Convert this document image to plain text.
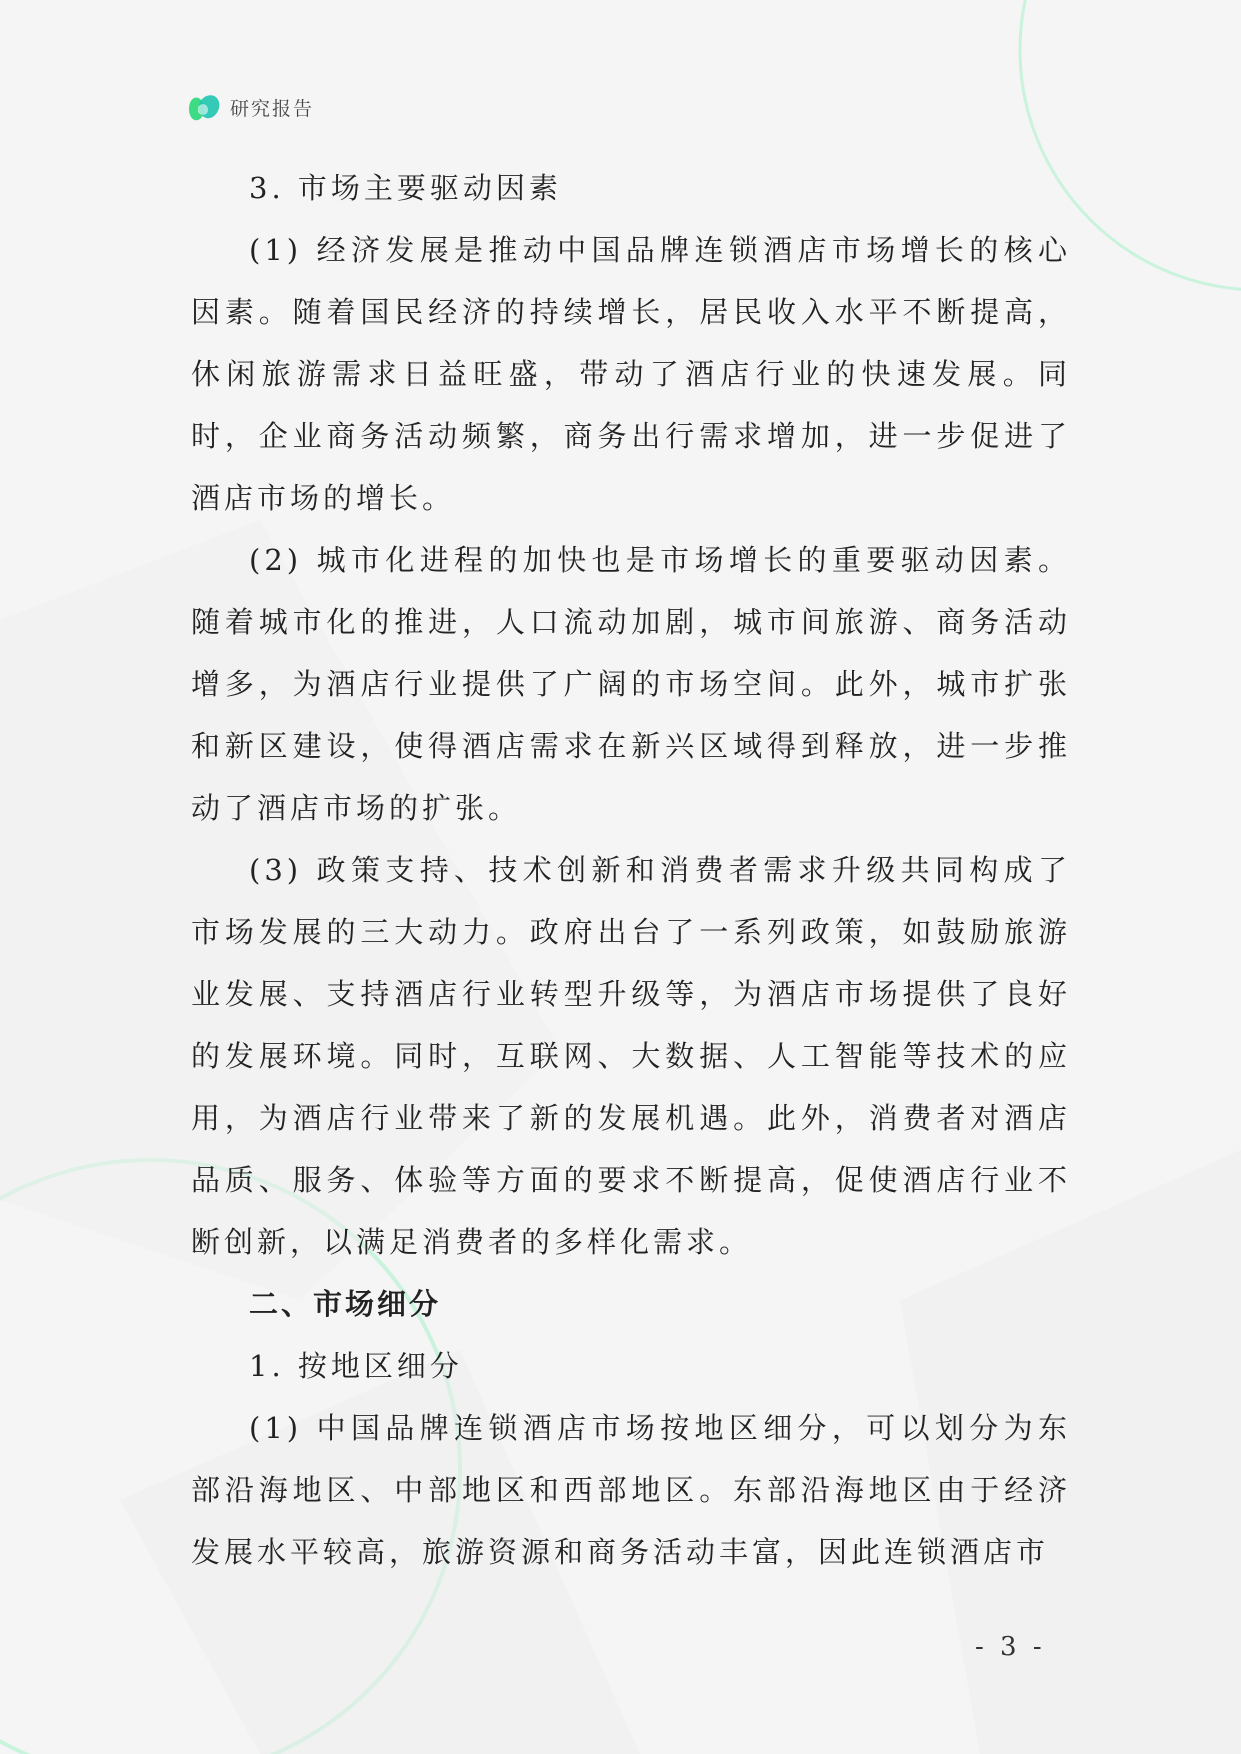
研究报告

3. 市场主要驱动因素

(1) 经济发展是推动中国品牌连锁酒店市场增长的核心因素。随着国民经济的持续增长，居民收入水平不断提高，休闲旅游需求日益旺盛，带动了酒店行业的快速发展。同时，企业商务活动频繁，商务出行需求增加，进一步促进了酒店市场的增长。

(2) 城市化进程的加快也是市场增长的重要驱动因素。随着城市化的推进，人口流动加剧，城市间旅游、商务活动增多，为酒店行业提供了广阔的市场空间。此外，城市扩张和新区建设，使得酒店需求在新兴区域得到释放，进一步推动了酒店市场的扩张。

(3) 政策支持、技术创新和消费者需求升级共同构成了市场发展的三大动力。政府出台了一系列政策，如鼓励旅游业发展、支持酒店行业转型升级等，为酒店市场提供了良好的发展环境。同时，互联网、大数据、人工智能等技术的应用，为酒店行业带来了新的发展机遇。此外，消费者对酒店品质、服务、体验等方面的要求不断提高，促使酒店行业不断创新，以满足消费者的多样化需求。

二、市场细分

1. 按地区细分

(1) 中国品牌连锁酒店市场按地区细分，可以划分为东部沿海地区、中部地区和西部地区。东部沿海地区由于经济发展水平较高，旅游资源和商务活动丰富，因此连锁酒店市

- 3 -
